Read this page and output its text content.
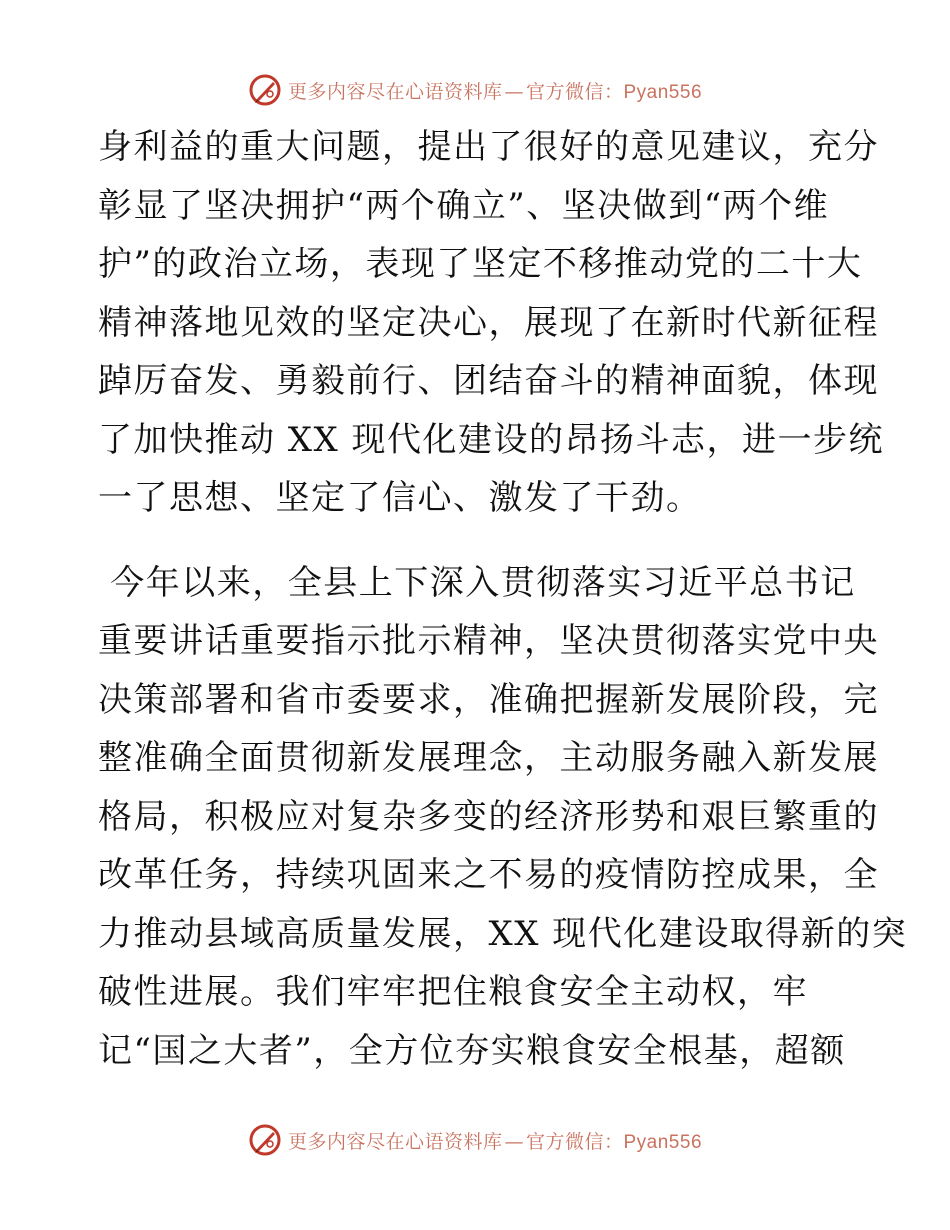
更多内容尽在心语资料库 — 官方微信：Pyan556
身利益的重大问题，提出了很好的意见建议，充分
彰显了坚决拥护“两个确立”、坚决做到“两个维
护”的政治立场，表现了坚定不移推动党的二十大
精神落地见效的坚定决心，展现了在新时代新征程
踔厉奋发、勇毅前行、团结奋斗的精神面貌，体现
了加快推动 XX 现代化建设的昂扬斗志，进一步统
一了思想、坚定了信心、激发了干劲。
今年以来，全县上下深入贯彻落实习近平总书记
重要讲话重要指示批示精神，坚决贯彻落实党中央
决策部署和省市委要求，准确把握新发展阶段，完
整准确全面贯彻新发展理念，主动服务融入新发展
格局，积极应对复杂多变的经济形势和艰巨繁重的
改革任务，持续巩固来之不易的疫情防控成果，全
力推动县域高质量发展，XX 现代化建设取得新的突
破性进展。我们牢牢把住粮食安全主动权，牢
记“国之大者”，全方位夯实粮食安全根基，超额
更多内容尽在心语资料库 — 官方微信：Pyan556
